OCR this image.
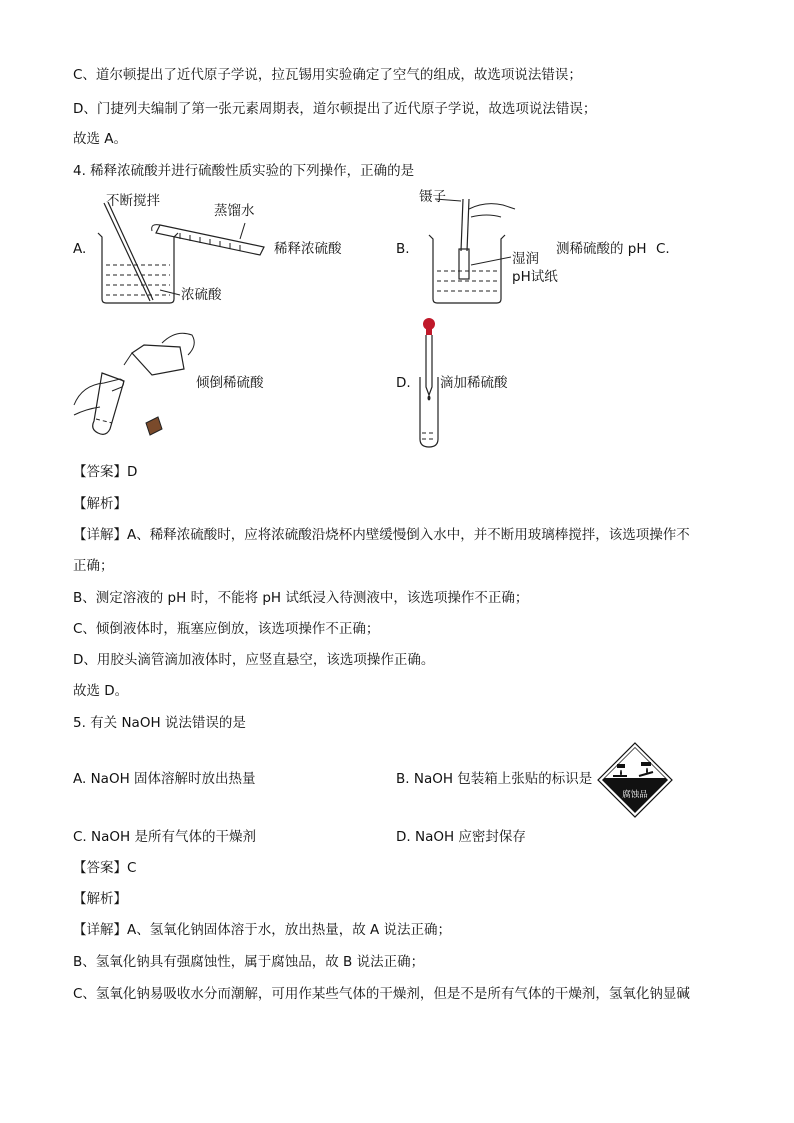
C、道尔顿提出了近代原子学说，拉瓦锡用实验确定了空气的组成，故选项说法错误；
D、门捷列夫编制了第一张元素周期表，道尔顿提出了近代原子学说，故选项说法错误；
故选 A。
4. 稀释浓硫酸并进行硫酸性质实验的下列操作，正确的是
A.
不断搅拌
蒸馏水
稀释浓硫酸
浓硫酸
B.
镊子
湿润
pH试纸
测稀硫酸的 pH C.
倾倒稀硫酸	D. 滴加稀硫酸
【答案】D
【解析】
【详解】A、稀释浓硫酸时，应将浓硫酸沿烧杯内壁缓慢倒入水中，并不断用玻璃棒搅拌，该选项操作不
正确；
B、测定溶液的 pH 时，不能将 pH 试纸浸入待测液中，该选项操作不正确；
C、倾倒液体时，瓶塞应倒放，该选项操作不正确；
D、用胶头滴管滴加液体时，应竖直悬空，该选项操作正确。
故选 D。
5. 有关 NaOH 说法错误的是
A. NaOH 固体溶解时放出热量	B. NaOH 包装箱上张贴的标识是
腐蚀品
C. NaOH 是所有气体的干燥剂	D. NaOH 应密封保存
【答案】C
【解析】
【详解】A、氢氧化钠固体溶于水，放出热量，故 A 说法正确；
B、氢氧化钠具有强腐蚀性，属于腐蚀品，故 B 说法正确；
C、氢氧化钠易吸收水分而潮解，可用作某些气体的干燥剂，但是不是所有气体的干燥剂，氢氧化钠显碱
